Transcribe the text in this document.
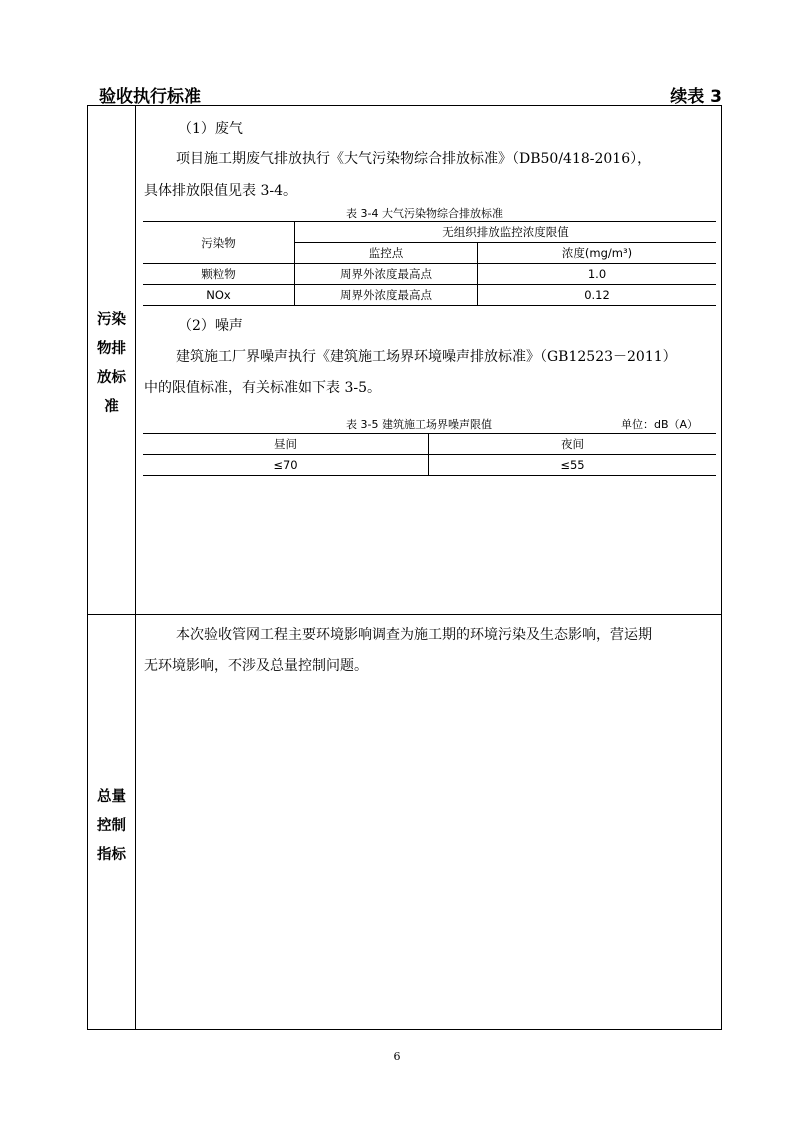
验收执行标准	续表 3
污染
物排
放标
准
总量
控制
指标
（1）废气
项目施工期废气排放执行《大气污染物综合排放标准》（DB50/418-2016），
具体排放限值见表 3-4。
表 3-4 大气污染物综合排放标准
污染物	无组织排放监控浓度限值	
	监控点	浓度(mg/m³)
颗粒物	周界外浓度最高点	1.0
NOx	周界外浓度最高点	0.12
（2）噪声
建筑施工厂界噪声执行《建筑施工场界环境噪声排放标准》（GB12523－2011）
中的限值标准，有关标准如下表 3-5。
表 3-5 建筑施工场界噪声限值	单位：dB（A）
昼间	夜间
≤70	≤55
本次验收管网工程主要环境影响调查为施工期的环境污染及生态影响，营运期
无环境影响，不涉及总量控制问题。
6
